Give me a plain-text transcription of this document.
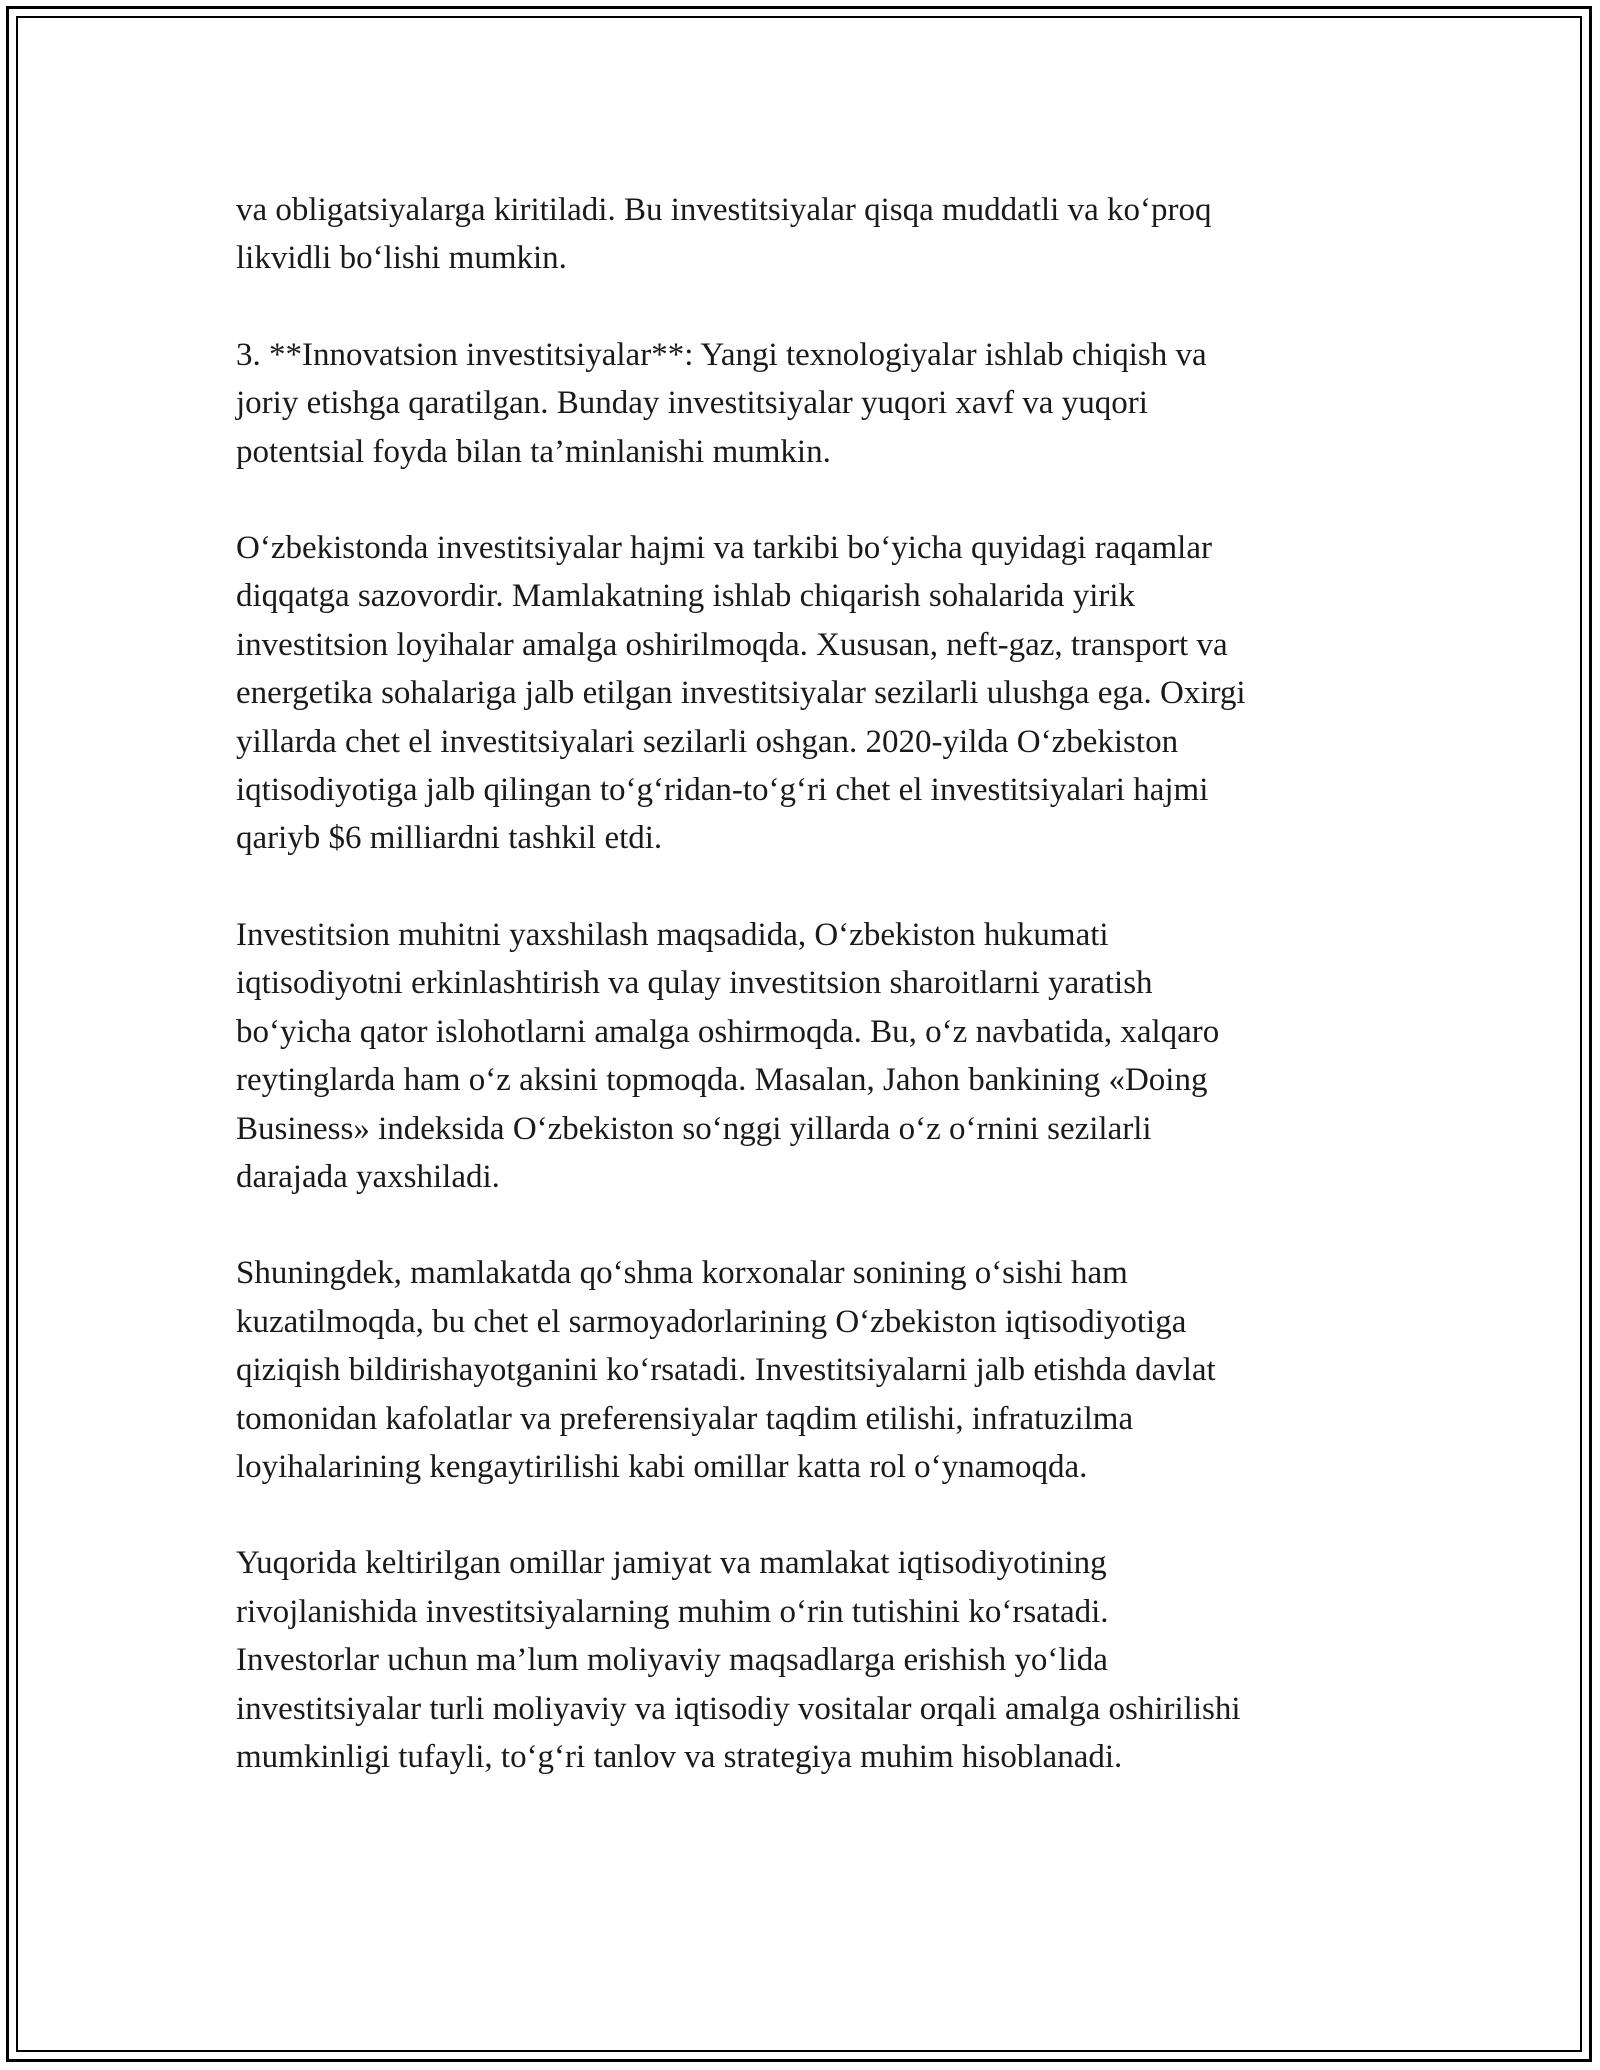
va obligatsiyalarga kiritiladi. Bu investitsiyalar qisqa muddatli va ko‘proq
likvidli bo‘lishi mumkin.

3. **Innovatsion investitsiyalar**: Yangi texnologiyalar ishlab chiqish va
joriy etishga qaratilgan. Bunday investitsiyalar yuqori xavf va yuqori
potentsial foyda bilan ta’minlanishi mumkin.

O‘zbekistonda investitsiyalar hajmi va tarkibi bo‘yicha quyidagi raqamlar
diqqatga sazovordir. Mamlakatning ishlab chiqarish sohalarida yirik
investitsion loyihalar amalga oshirilmoqda. Xususan, neft-gaz, transport va
energetika sohalariga jalb etilgan investitsiyalar sezilarli ulushga ega. Oxirgi
yillarda chet el investitsiyalari sezilarli oshgan. 2020-yilda O‘zbekiston
iqtisodiyotiga jalb qilingan to‘g‘ridan-to‘g‘ri chet el investitsiyalari hajmi
qariyb $6 milliardni tashkil etdi.

Investitsion muhitni yaxshilash maqsadida, O‘zbekiston hukumati
iqtisodiyotni erkinlashtirish va qulay investitsion sharoitlarni yaratish
bo‘yicha qator islohotlarni amalga oshirmoqda. Bu, o‘z navbatida, xalqaro
reytinglarda ham o‘z aksini topmoqda. Masalan, Jahon bankining «Doing
Business» indeksida O‘zbekiston so‘nggi yillarda o‘z o‘rnini sezilarli
darajada yaxshiladi.

Shuningdek, mamlakatda qo‘shma korxonalar sonining o‘sishi ham
kuzatilmoqda, bu chet el sarmoyadorlarining O‘zbekiston iqtisodiyotiga
qiziqish bildirishayotganini ko‘rsatadi. Investitsiyalarni jalb etishda davlat
tomonidan kafolatlar va preferensiyalar taqdim etilishi, infratuzilma
loyihalarining kengaytirilishi kabi omillar katta rol o‘ynamoqda.

Yuqorida keltirilgan omillar jamiyat va mamlakat iqtisodiyotining
rivojlanishida investitsiyalarning muhim o‘rin tutishini ko‘rsatadi.
Investorlar uchun ma’lum moliyaviy maqsadlarga erishish yo‘lida
investitsiyalar turli moliyaviy va iqtisodiy vositalar orqali amalga oshirilishi
mumkinligi tufayli, to‘g‘ri tanlov va strategiya muhim hisoblanadi.
